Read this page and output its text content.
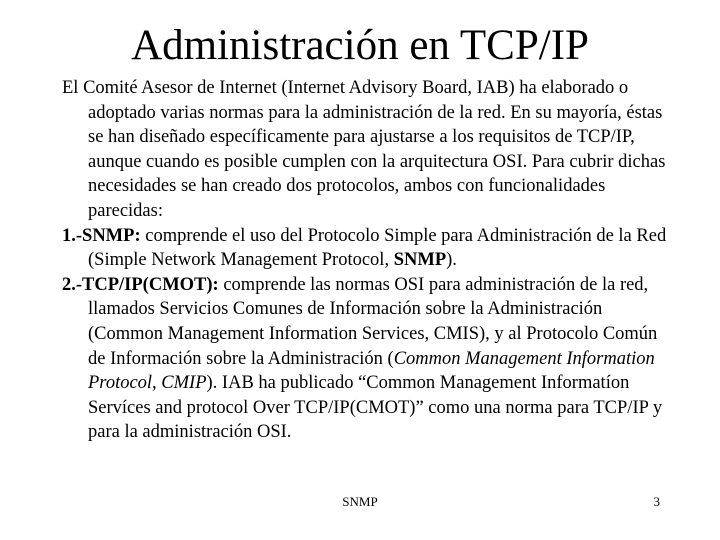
Administración en TCP/IP

El Comité Asesor de Internet (Internet Advisory Board, IAB) ha elaborado o adoptado varias normas para la administración de la red. En su mayoría, éstas se han diseñado específicamente para ajustarse a los requisitos de TCP/IP, aunque cuando es posible cumplen con la arquitectura OSI. Para cubrir dichas necesidades se han creado dos protocolos, ambos con funcionalidades parecidas:

1.-SNMP: comprende el uso del Protocolo Simple para Administración de la Red (Simple Network Management Protocol, SNMP).

2.-TCP/IP(CMOT): comprende las normas OSI para administración de la red, llamados Servicios Comunes de Información sobre la Administración (Common Management Information Services, CMIS), y al Protocolo Común de Información sobre la Administración (Common Management Information Protocol, CMIP). IAB ha publicado “Common Management Informatíon Servíces and protocol Over TCP/IP(CMOT)” como una norma para TCP/IP y para la administración OSI.

SNMP	3
